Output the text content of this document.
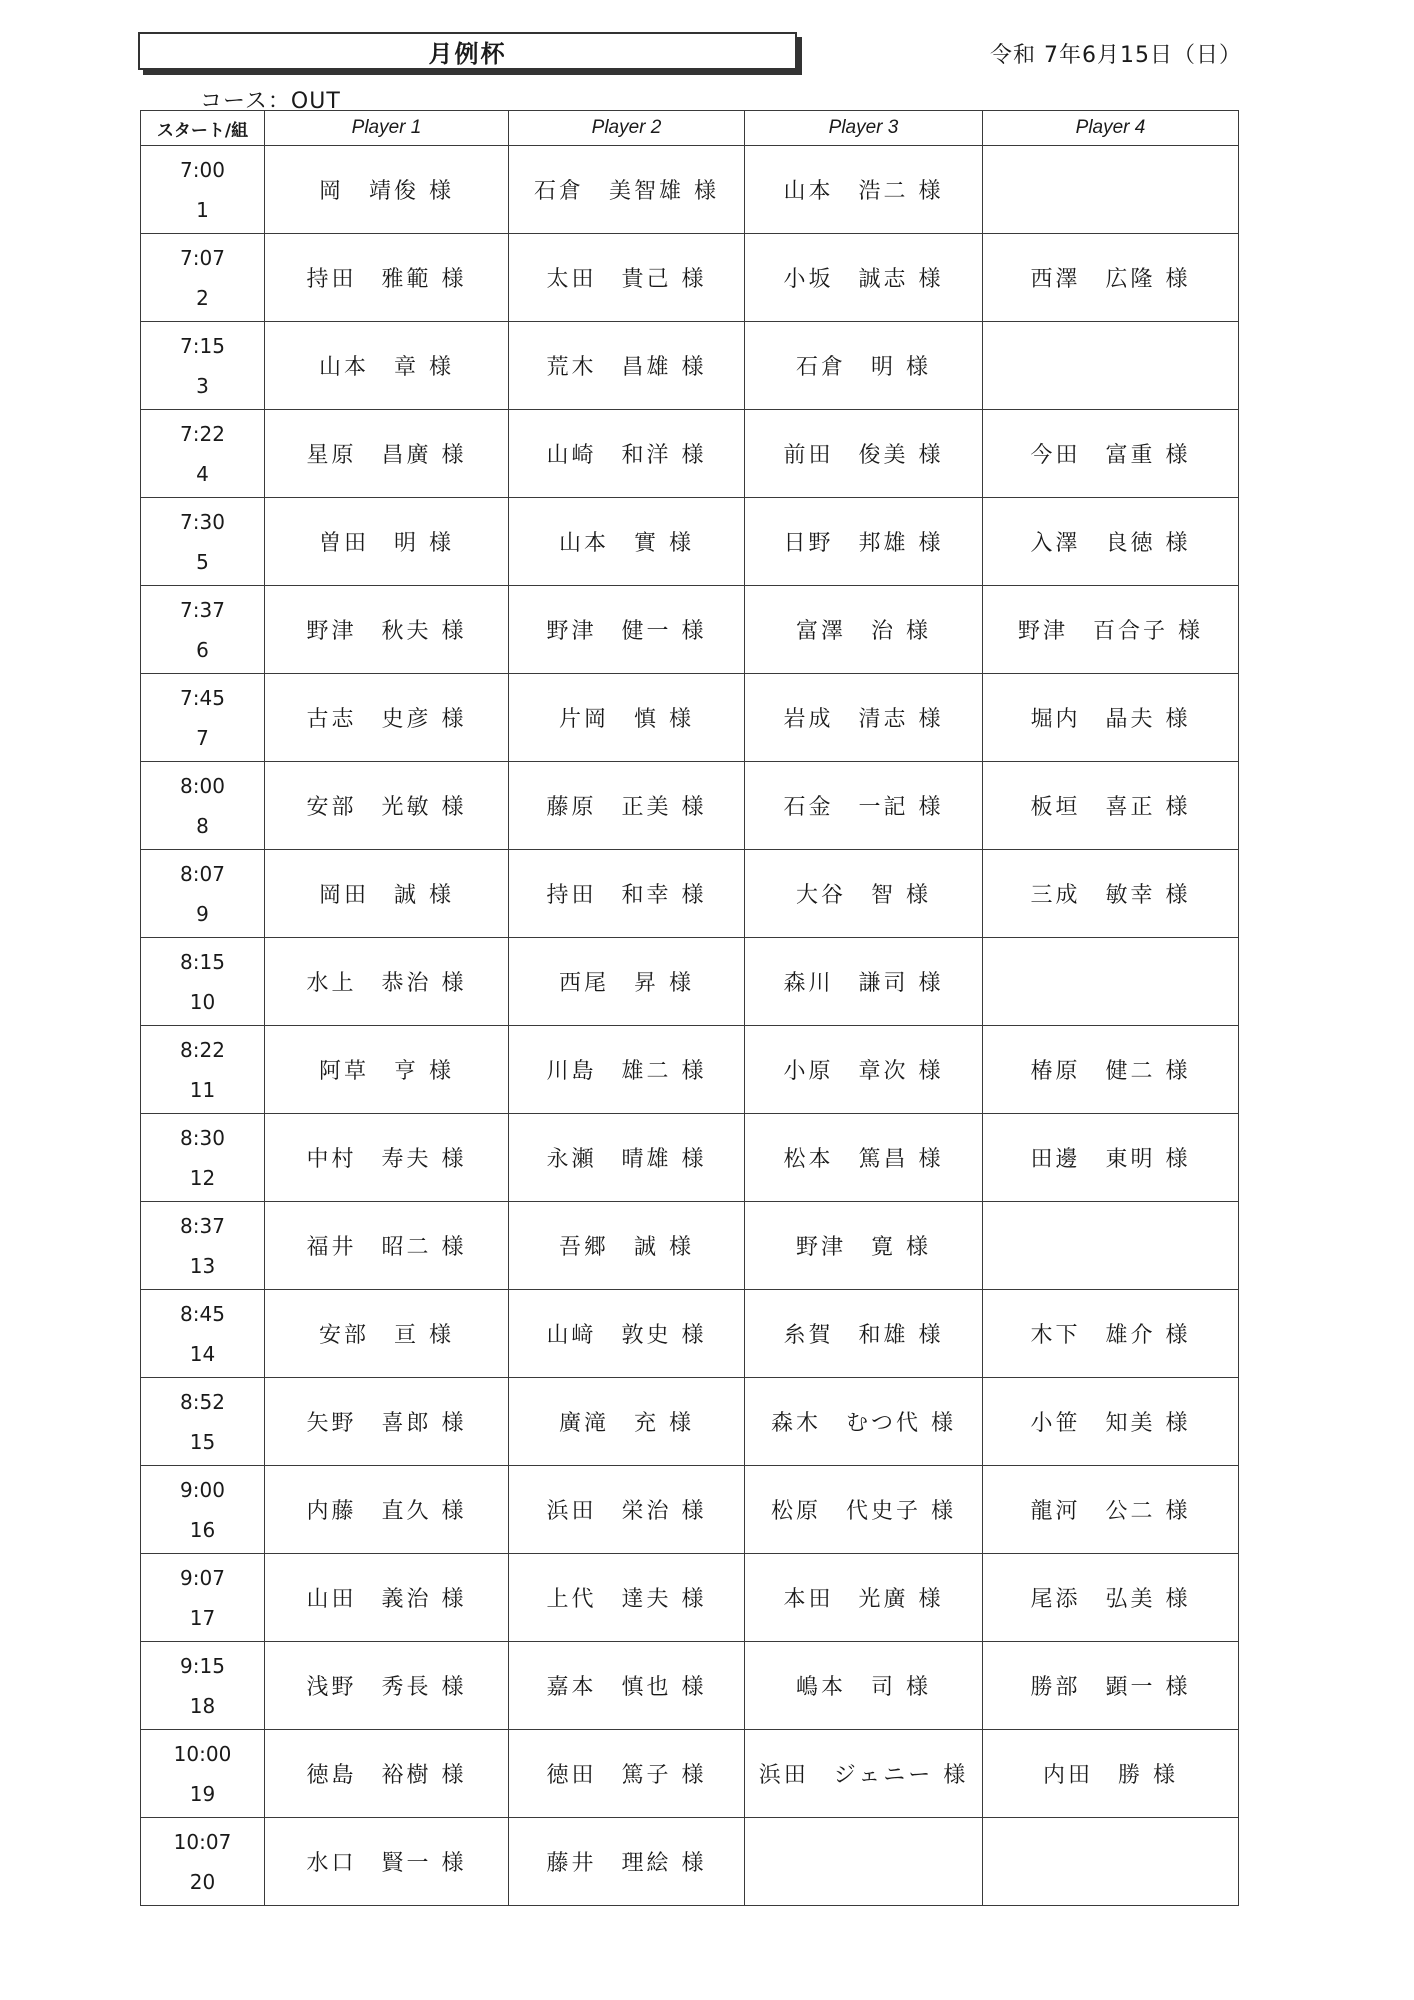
月例杯	令和 7年6月15日（日）
コース：OUT
スタート/組	Player 1	Player 2	Player 3	Player 4

7:00
1	岡　靖俊 様	石倉　美智雄 様	山本　浩二 様	

7:07
2	持田　雅範 様	太田　貴己 様	小坂　誠志 様	西澤　広隆 様

7:15
3	山本　章 様	荒木　昌雄 様	石倉　明 様	

7:22
4	星原　昌廣 様	山崎　和洋 様	前田　俊美 様	今田　富重 様

7:30
5	曽田　明 様	山本　實 様	日野　邦雄 様	入澤　良徳 様

7:37
6	野津　秋夫 様	野津　健一 様	富澤　治 様	野津　百合子 様

7:45
7	古志　史彦 様	片岡　慎 様	岩成　清志 様	堀内　晶夫 様

8:00
8	安部　光敏 様	藤原　正美 様	石金　一記 様	板垣　喜正 様

8:07
9	岡田　誠 様	持田　和幸 様	大谷　智 様	三成　敏幸 様

8:15
10	水上　恭治 様	西尾　昇 様	森川　謙司 様	

8:22
11	阿草　亨 様	川島　雄二 様	小原　章次 様	椿原　健二 様

8:30
12	中村　寿夫 様	永瀬　晴雄 様	松本　篤昌 様	田邊　東明 様

8:37
13	福井　昭二 様	吾郷　誠 様	野津　寛 様	

8:45
14	安部　亘 様	山﨑　敦史 様	糸賀　和雄 様	木下　雄介 様

8:52
15	矢野　喜郎 様	廣滝　充 様	森木　むつ代 様	小笹　知美 様

9:00
16	内藤　直久 様	浜田　栄治 様	松原　代史子 様	龍河　公二 様

9:07
17	山田　義治 様	上代　達夫 様	本田　光廣 様	尾添　弘美 様

9:15
18	浅野　秀長 様	嘉本　慎也 様	嶋本　司 様	勝部　顕一 様

10:00
19	徳島　裕樹 様	徳田　篤子 様	浜田　ジェニー 様	内田　勝 様

10:07
20	水口　賢一 様	藤井　理絵 様		
